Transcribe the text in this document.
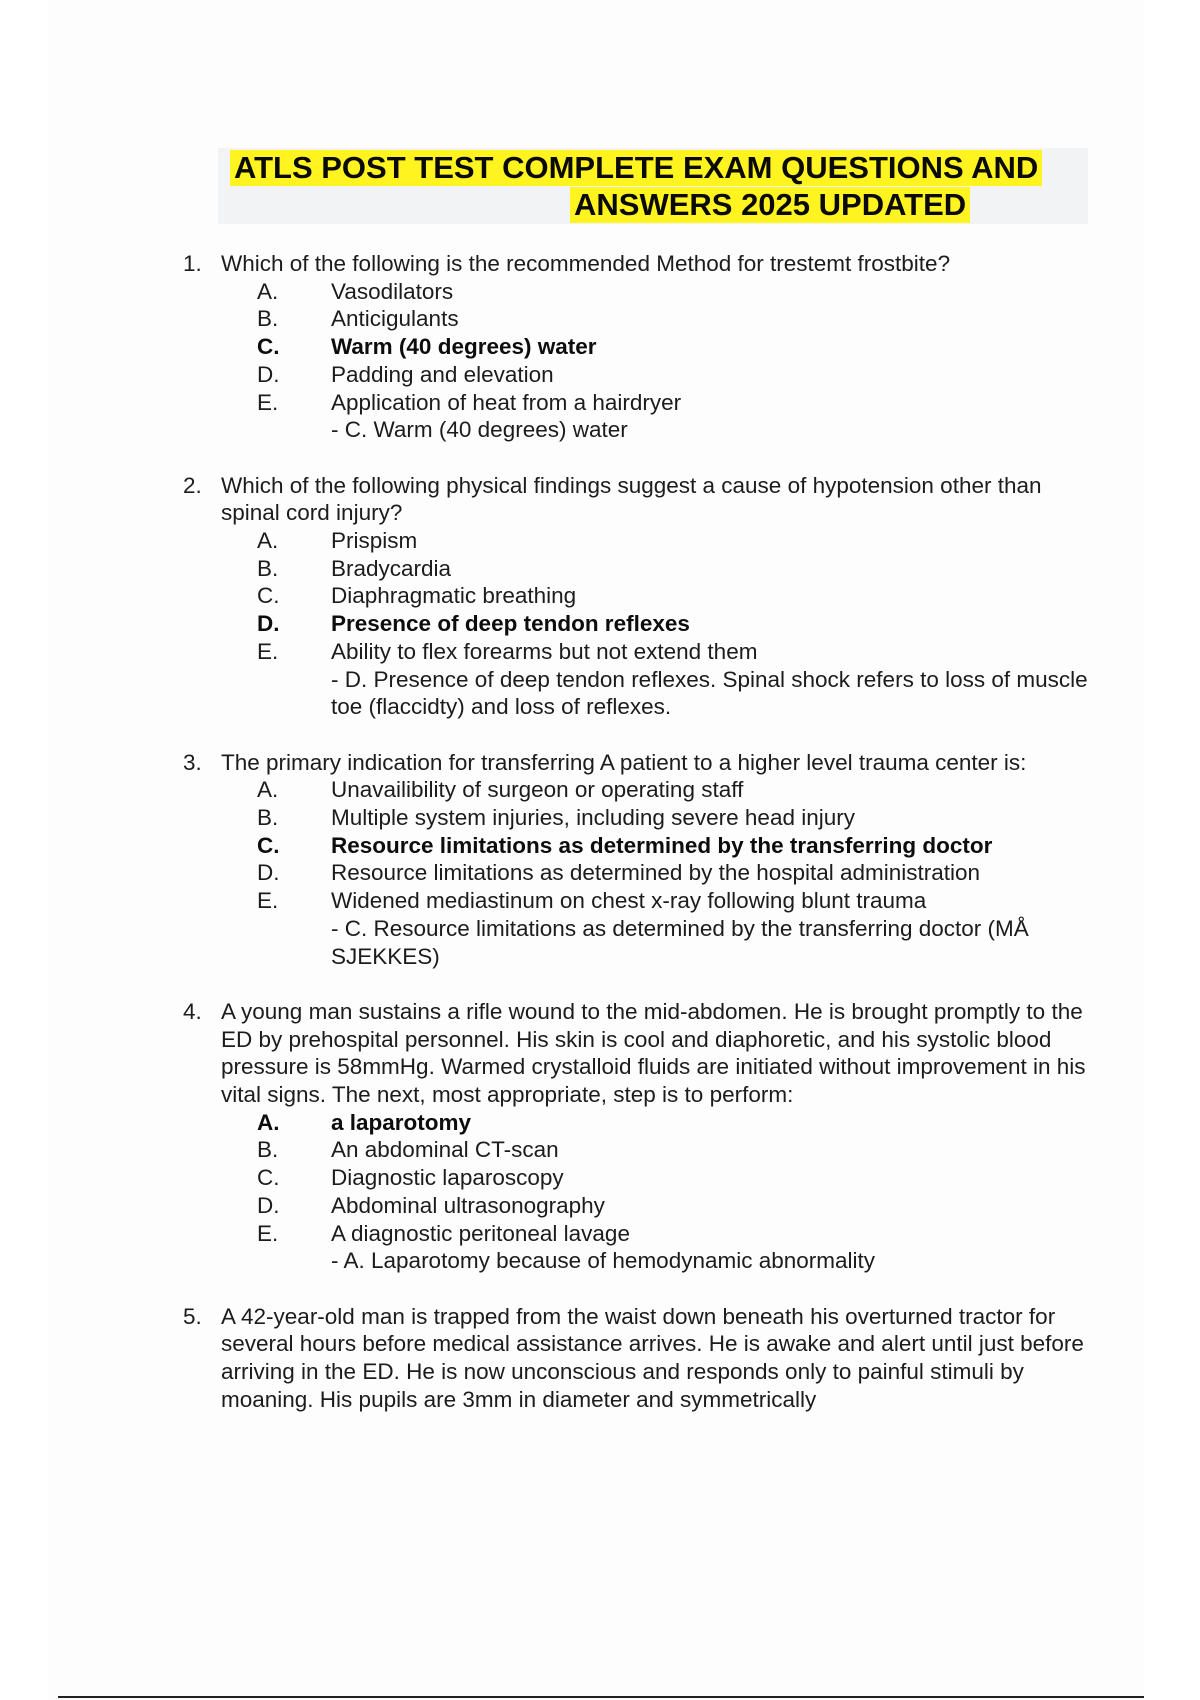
ATLS POST TEST COMPLETE EXAM QUESTIONS AND
ANSWERS 2025 UPDATED
1. Which of the following is the recommended Method for trestemt frostbite?

A. Vasodilators
B. Anticigulants
C. Warm (40 degrees) water
D. Padding and elevation
E. Application of heat from a hairdryer
- C. Warm (40 degrees) water
2. Which of the following physical findings suggest a cause of hypotension other than spinal cord injury?

A. Prispism
B. Bradycardia
C. Diaphragmatic breathing
D. Presence of deep tendon reflexes
E. Ability to flex forearms but not extend them
- D. Presence of deep tendon reflexes. Spinal shock refers to loss of muscle toe (flaccidty) and loss of reflexes.
3. The primary indication for transferring A patient to a higher level trauma center is:

A. Unavailibility of surgeon or operating staff
B. Multiple system injuries, including severe head injury
C. Resource limitations as determined by the transferring doctor
D. Resource limitations as determined by the hospital administration
E. Widened mediastinum on chest x-ray following blunt trauma
- C. Resource limitations as determined by the transferring doctor (MÅ SJEKKES)
4. A young man sustains a rifle wound to the mid-abdomen. He is brought promptly to the ED by prehospital personnel. His skin is cool and diaphoretic, and his systolic blood pressure is 58mmHg. Warmed crystalloid fluids are initiated without improvement in his vital signs. The next, most appropriate, step is to perform:

A. a laparotomy
B. An abdominal CT-scan
C. Diagnostic laparoscopy
D. Abdominal ultrasonography
E. A diagnostic peritoneal lavage
- A. Laparotomy because of hemodynamic abnormality
5. A 42-year-old man is trapped from the waist down beneath his overturned tractor for several hours before medical assistance arrives. He is awake and alert until just before arriving in the ED. He is now unconscious and responds only to painful stimuli by moaning. His pupils are 3mm in diameter and symmetrically
